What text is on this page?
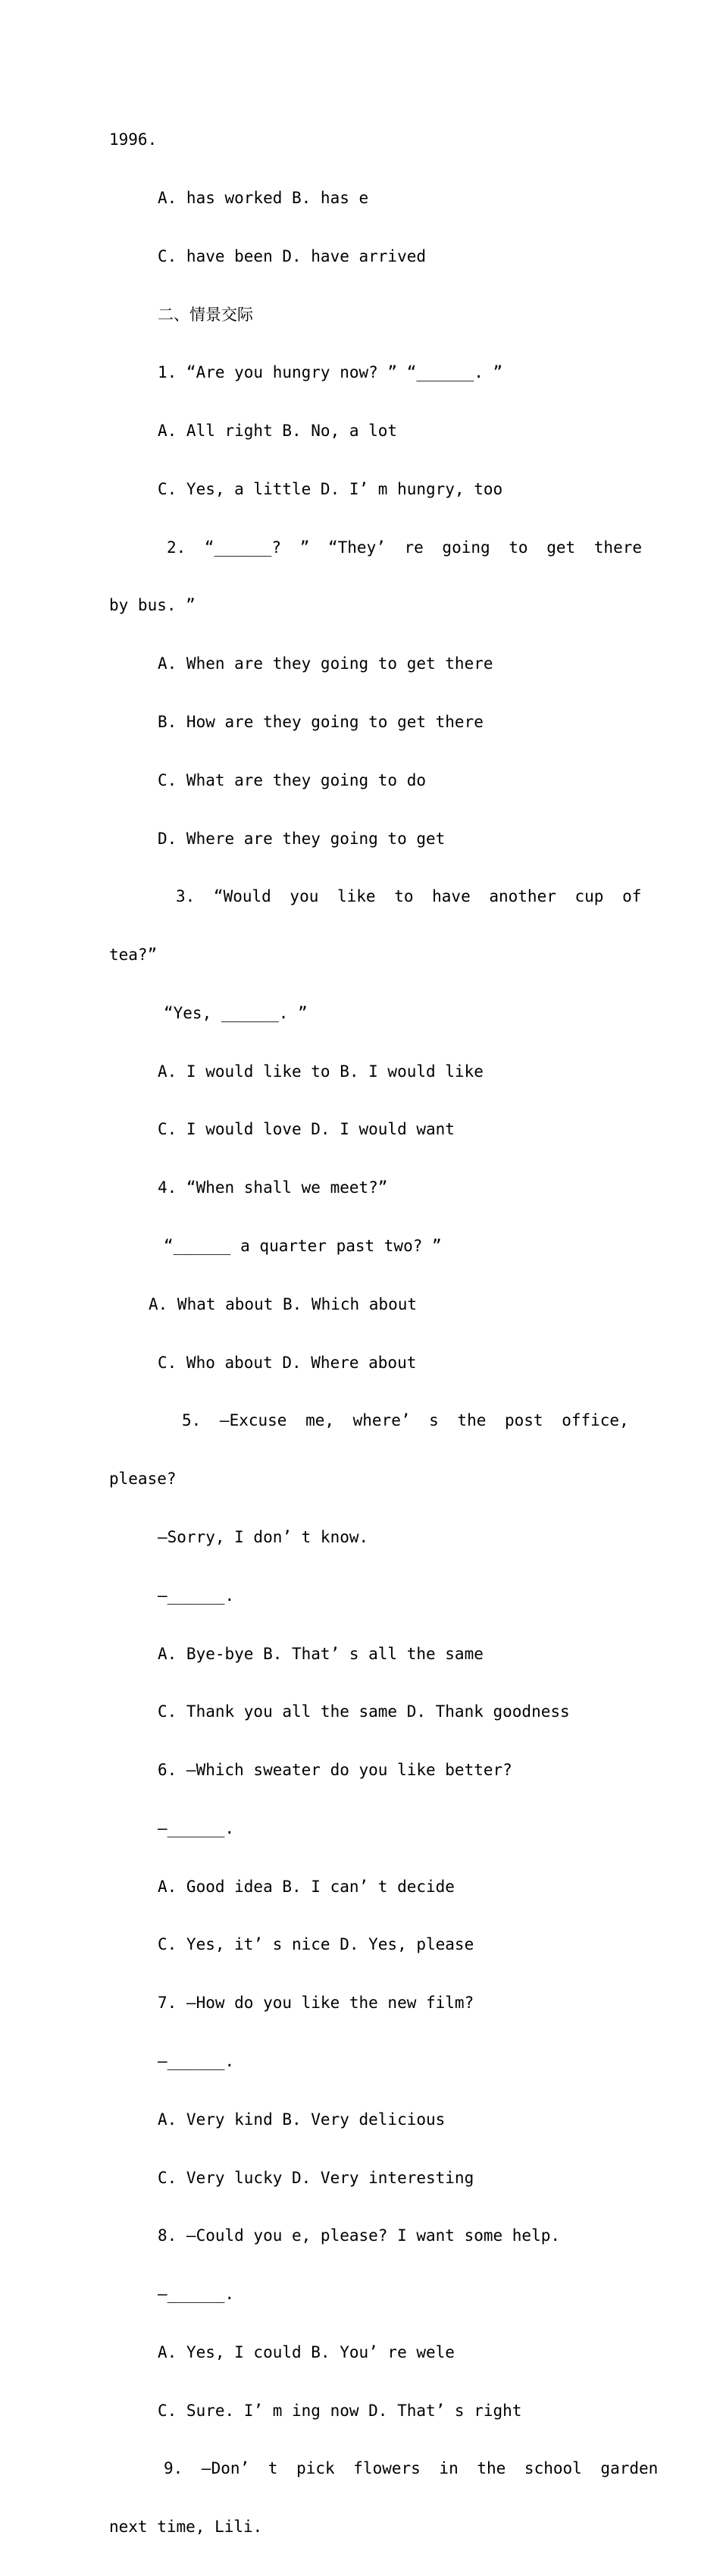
1996.

A. has worked B. has e

C. have been D. have arrived

二、情景交际

1. “Are you hungry now? ” “______. ”

A. All right B. No, a lot

C. Yes, a little D. I’ m hungry, too

2. “______? ” “They’ re going to get there

by bus. ”

A. When are they going to get there

B. How are they going to get there

C. What are they going to do

D. Where are they going to get

3. “Would you like to have another cup of

tea?”

“Yes, ______. ”

A. I would like to B. I would like

C. I would love D. I would want

4. “When shall we meet?”

“______ a quarter past two? ”

A. What about B. Which about

C. Who about D. Where about

5. —Excuse me, where’ s the post office,

please?

—Sorry, I don’ t know.

—______.

A. Bye-bye B. That’ s all the same

C. Thank you all the same D. Thank goodness

6. —Which sweater do you like better?

—______.

A. Good idea B. I can’ t decide

C. Yes, it’ s nice D. Yes, please

7. —How do you like the new film?

—______.

A. Very kind B. Very delicious

C. Very lucky D. Very interesting

8. —Could you e, please? I want some help.

—______.

A. Yes, I could B. You’ re wele

C. Sure. I’ m ing now D. That’ s right

9. —Don’ t pick flowers in the school garden

next time, Lili.
